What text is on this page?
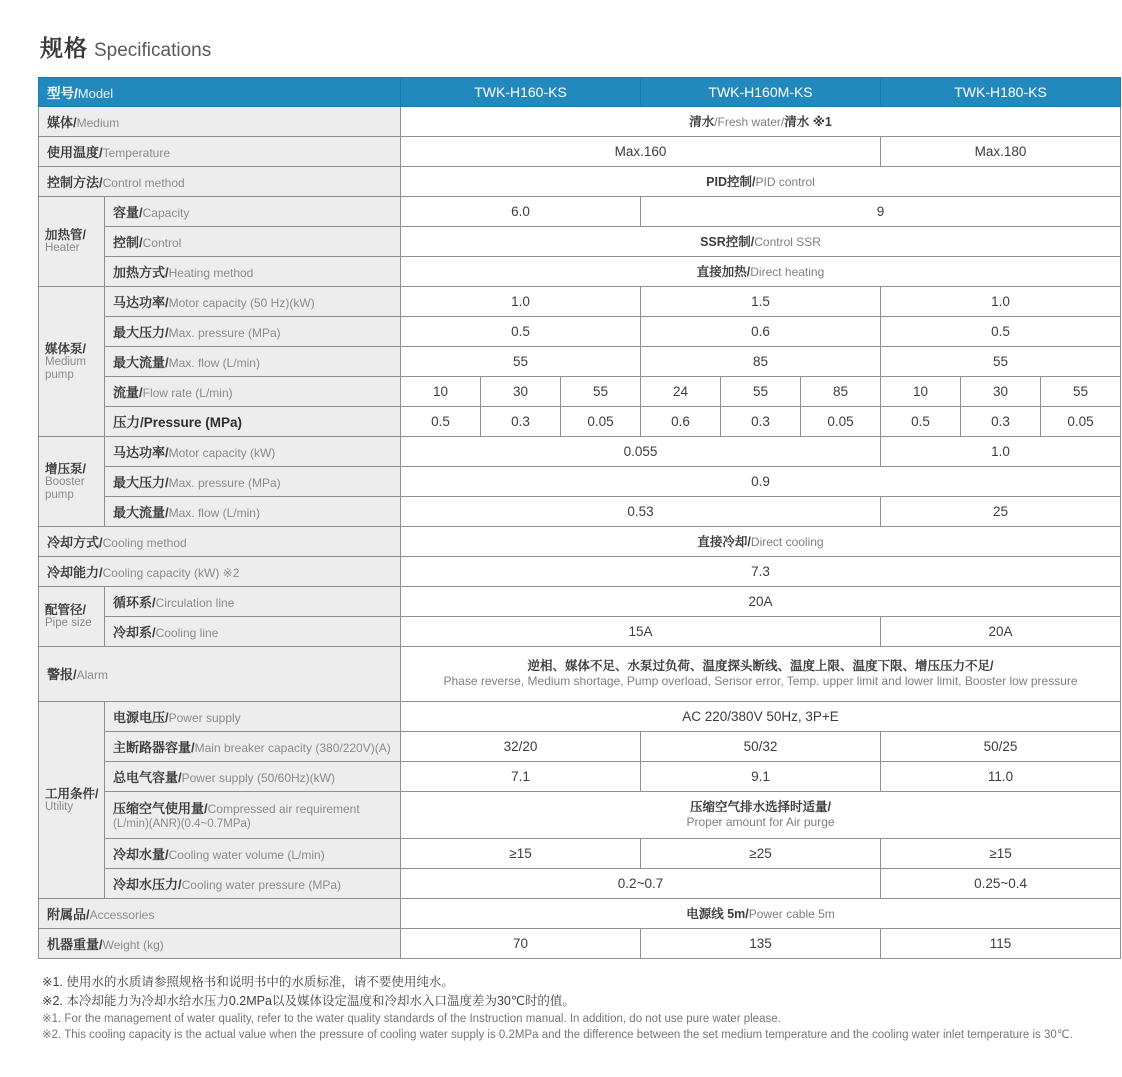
规格 Specifications
型号/Model		TWK-H160-KS			TWK-H160M-KS			TWK-H180-KS		
媒体/Medium		清水/Fresh water/清水 ※1								
使用温度/Temperature		Max.160						Max.180		
控制方法/Control method		PID控制/PID control								

加热管/
Heater	容量/Capacity	6.0			9					
	控制/Control	SSR控制/Control SSR								
	加热方式/Heating method	直接加热/Direct heating								

媒体泵/
Medium pump	马达功率/Motor capacity (50 Hz)(kW)	1.0			1.5			1.0		
	最大压力/Max. pressure (MPa)	0.5			0.6			0.5		
	最大流量/Max. flow (L/min)	55			85			55		
	流量/Flow rate (L/min)	10	30	55	24	55	85	10	30	55
	压力/Pressure (MPa)	0.5	0.3	0.05	0.6	0.3	0.05	0.5	0.3	0.05

增压泵/
Booster pump	马达功率/Motor capacity (kW)	0.055						1.0		
	最大压力/Max. pressure (MPa)	0.9								
	最大流量/Max. flow (L/min)	0.53						25		
冷却方式/Cooling method		直接冷却/Direct cooling								
冷却能力/Cooling capacity (kW) ※2		7.3								

配管径/
Pipe size	循环系/Circulation line	20A								
	冷却系/Cooling line	15A						20A		
警报/Alarm		逆相、媒体不足、水泵过负荷、温度探头断线、温度上限、温度下限、增压压力不足/
Phase reverse, Medium shortage, Pump overload, Sensor error, Temp. upper limit and lower limit, Booster low pressure								

工用条件/
Utility	电源电压/Power supply	AC 220/380V 50Hz, 3P+E								
	主断路器容量/Main breaker capacity (380/220V)(A)	32/20			50/32			50/25		
	总电气容量/Power supply (50/60Hz)(kW)	7.1			9.1			11.0		
	压缩空气使用量/Compressed air requirement
(L/min)(ANR)(0.4~0.7MPa)	压缩空气排水选择时适量/
Proper amount for Air purge								

	冷却水量/Cooling water volume (L/min)	≥15			≥25			≥15		
	冷却水压力/Cooling water pressure (MPa)	0.2~0.7						0.25~0.4		
附属品/Accessories		电源线 5m/Power cable 5m								
机器重量/Weight (kg)		70			135			115		
※1. 使用水的水质请参照规格书和说明书中的水质标准，请不要使用纯水。
※2. 本冷却能力为冷却水给水压力0.2MPa以及媒体设定温度和冷却水入口温度差为30℃时的值。
※1. For the management of water quality, refer to the water quality standards of the Instruction manual. In addition, do not use pure water please.
※2. This cooling capacity is the actual value when the pressure of cooling water supply is 0.2MPa and the difference between the set medium temperature and the cooling water inlet temperature is 30℃.
